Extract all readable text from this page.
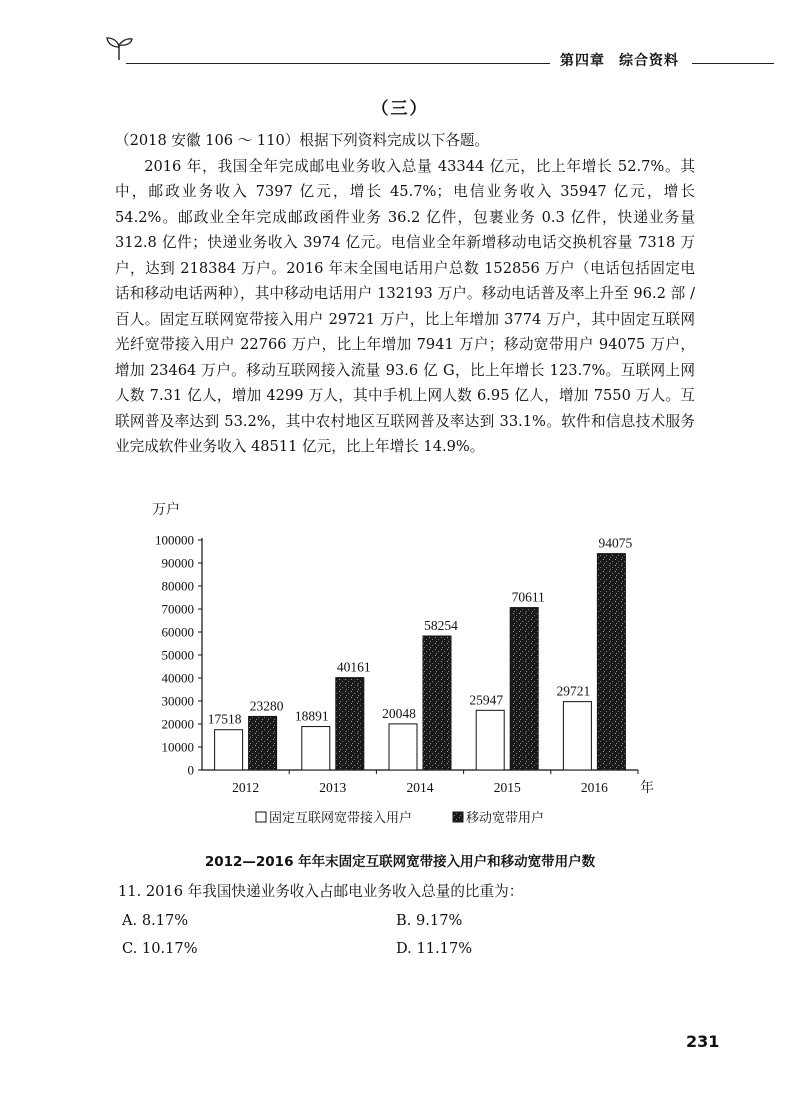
第四章 综合资料
（三）

（2018 安徽 106 ～ 110）根据下列资料完成以下各题。

2016 年，我国全年完成邮电业务收入总量 43344 亿元，比上年增长 52.7%。其中，邮政业务收入 7397 亿元，增长 45.7%；电信业务收入 35947 亿元，增长 54.2%。邮政业全年完成邮政函件业务 36.2 亿件，包裹业务 0.3 亿件，快递业务量 312.8 亿件；快递业务收入 3974 亿元。电信业全年新增移动电话交换机容量 7318 万户，达到 218384 万户。2016 年末全国电话用户总数 152856 万户（电话包括固定电话和移动电话两种），其中移动电话用户 132193 万户。移动电话普及率上升至 96.2 部 / 百人。固定互联网宽带接入用户 29721 万户，比上年增加 3774 万户，其中固定互联网光纤宽带接入用户 22766 万户，比上年增加 7941 万户；移动宽带用户 94075 万户，增加 23464 万户。移动互联网接入流量 93.6 亿 G，比上年增长 123.7%。互联网上网人数 7.31 亿人，增加 4299 万人，其中手机上网人数 6.95 亿人，增加 7550 万人。互联网普及率达到 53.2%，其中农村地区互联网普及率达到 33.1%。软件和信息技术服务业完成软件业务收入 48511 亿元，比上年增长 14.9%。

万户
0
10000
20000
30000
40000
50000
60000
70000
80000
90000
100000
2012
17518
23280
2013
18891
40161
2014
20048
58254
2015
25947
70611
2016
29721
94075
年
固定互联网宽带接入用户	移动宽带用户
2012—2016 年年末固定互联网宽带接入用户和移动宽带用户数
11. 2016 年我国快递业务收入占邮电业务收入总量的比重为：
A. 8.17%	B. 9.17%
C. 10.17%	D. 11.17%
231
